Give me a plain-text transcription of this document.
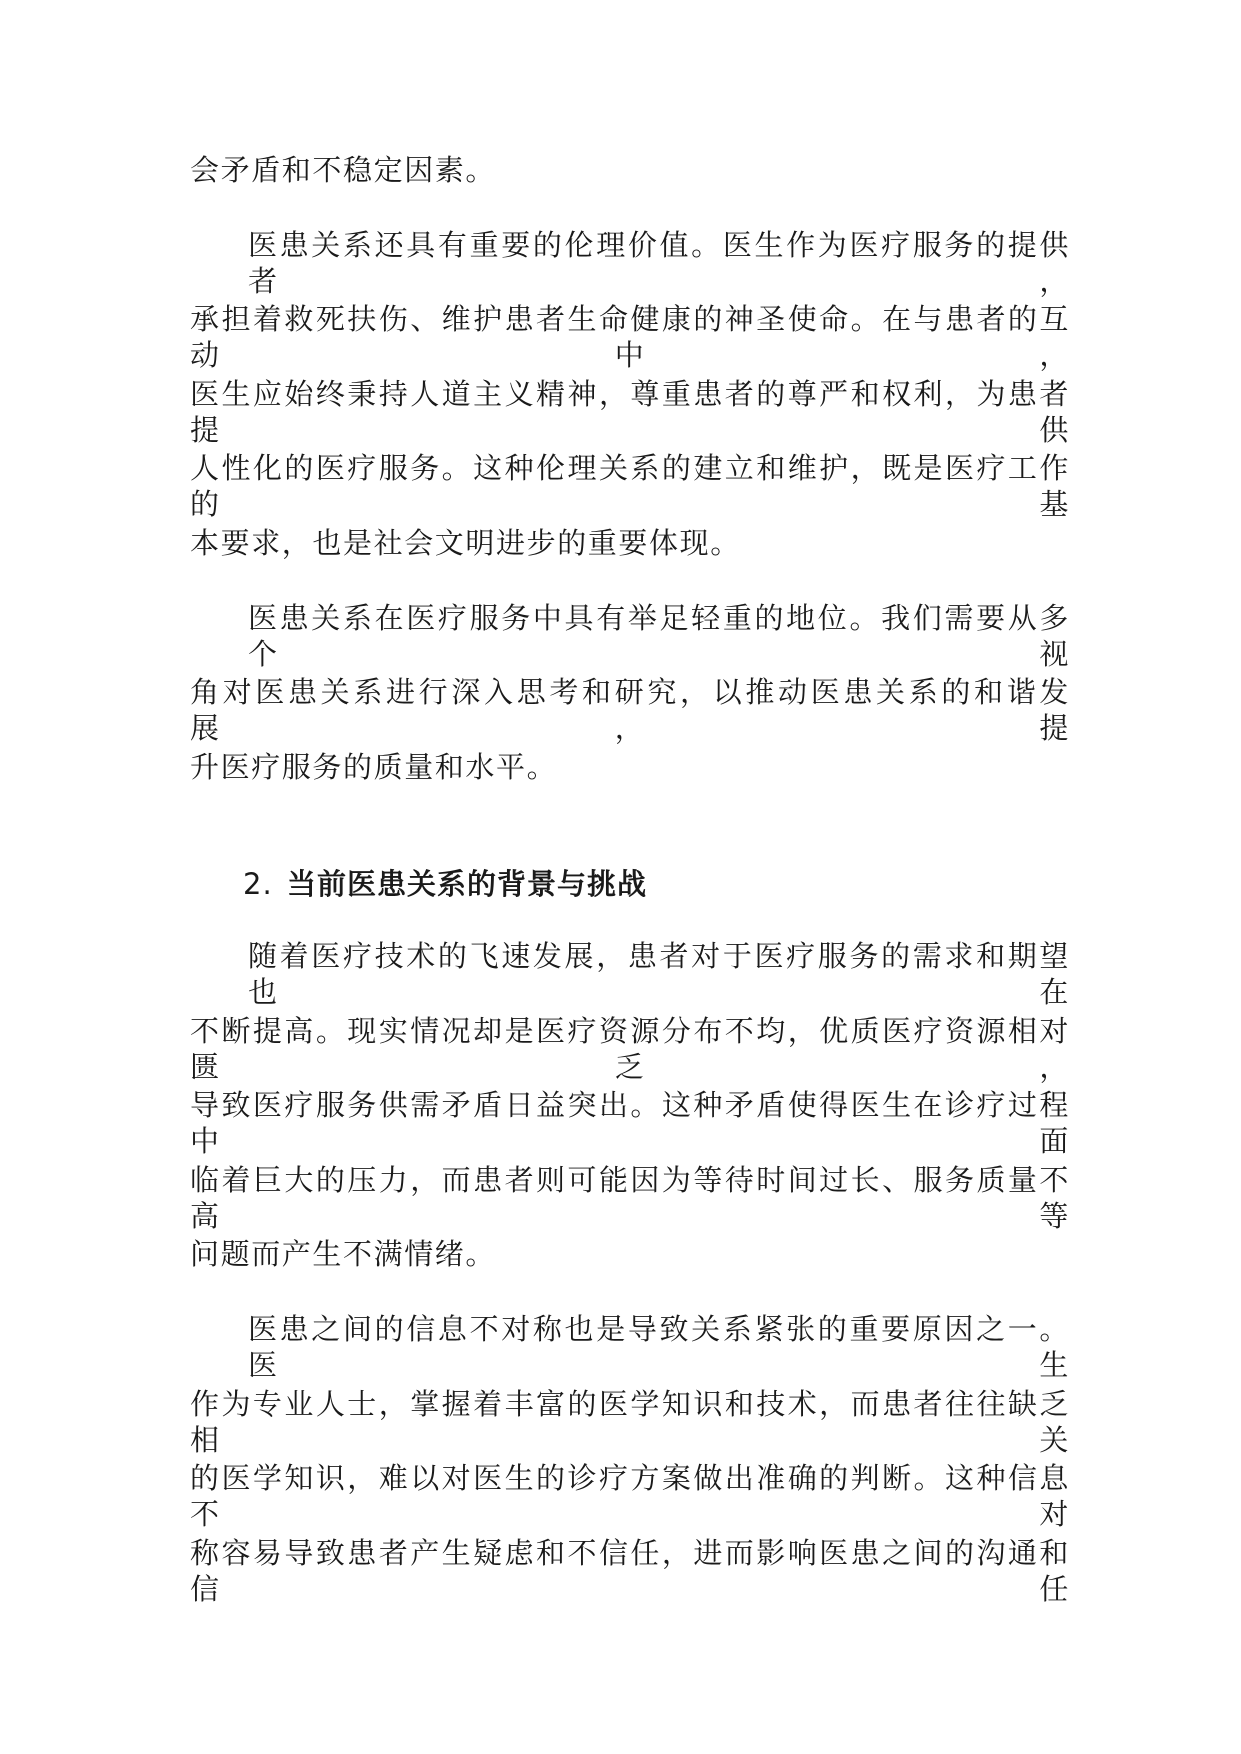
会矛盾和不稳定因素。
医患关系还具有重要的伦理价值。医生作为医疗服务的提供者，
承担着救死扶伤、维护患者生命健康的神圣使命。在与患者的互动中，
医生应始终秉持人道主义精神，尊重患者的尊严和权利，为患者提供
人性化的医疗服务。这种伦理关系的建立和维护，既是医疗工作的基
本要求，也是社会文明进步的重要体现。
医患关系在医疗服务中具有举足轻重的地位。我们需要从多个视
角对医患关系进行深入思考和研究，以推动医患关系的和谐发展，提
升医疗服务的质量和水平。
2. 当前医患关系的背景与挑战
随着医疗技术的飞速发展，患者对于医疗服务的需求和期望也在
不断提高。现实情况却是医疗资源分布不均，优质医疗资源相对匮乏，
导致医疗服务供需矛盾日益突出。这种矛盾使得医生在诊疗过程中面
临着巨大的压力，而患者则可能因为等待时间过长、服务质量不高等
问题而产生不满情绪。
医患之间的信息不对称也是导致关系紧张的重要原因之一。医生
作为专业人士，掌握着丰富的医学知识和技术，而患者往往缺乏相关
的医学知识，难以对医生的诊疗方案做出准确的判断。这种信息不对
称容易导致患者产生疑虑和不信任，进而影响医患之间的沟通和信任
